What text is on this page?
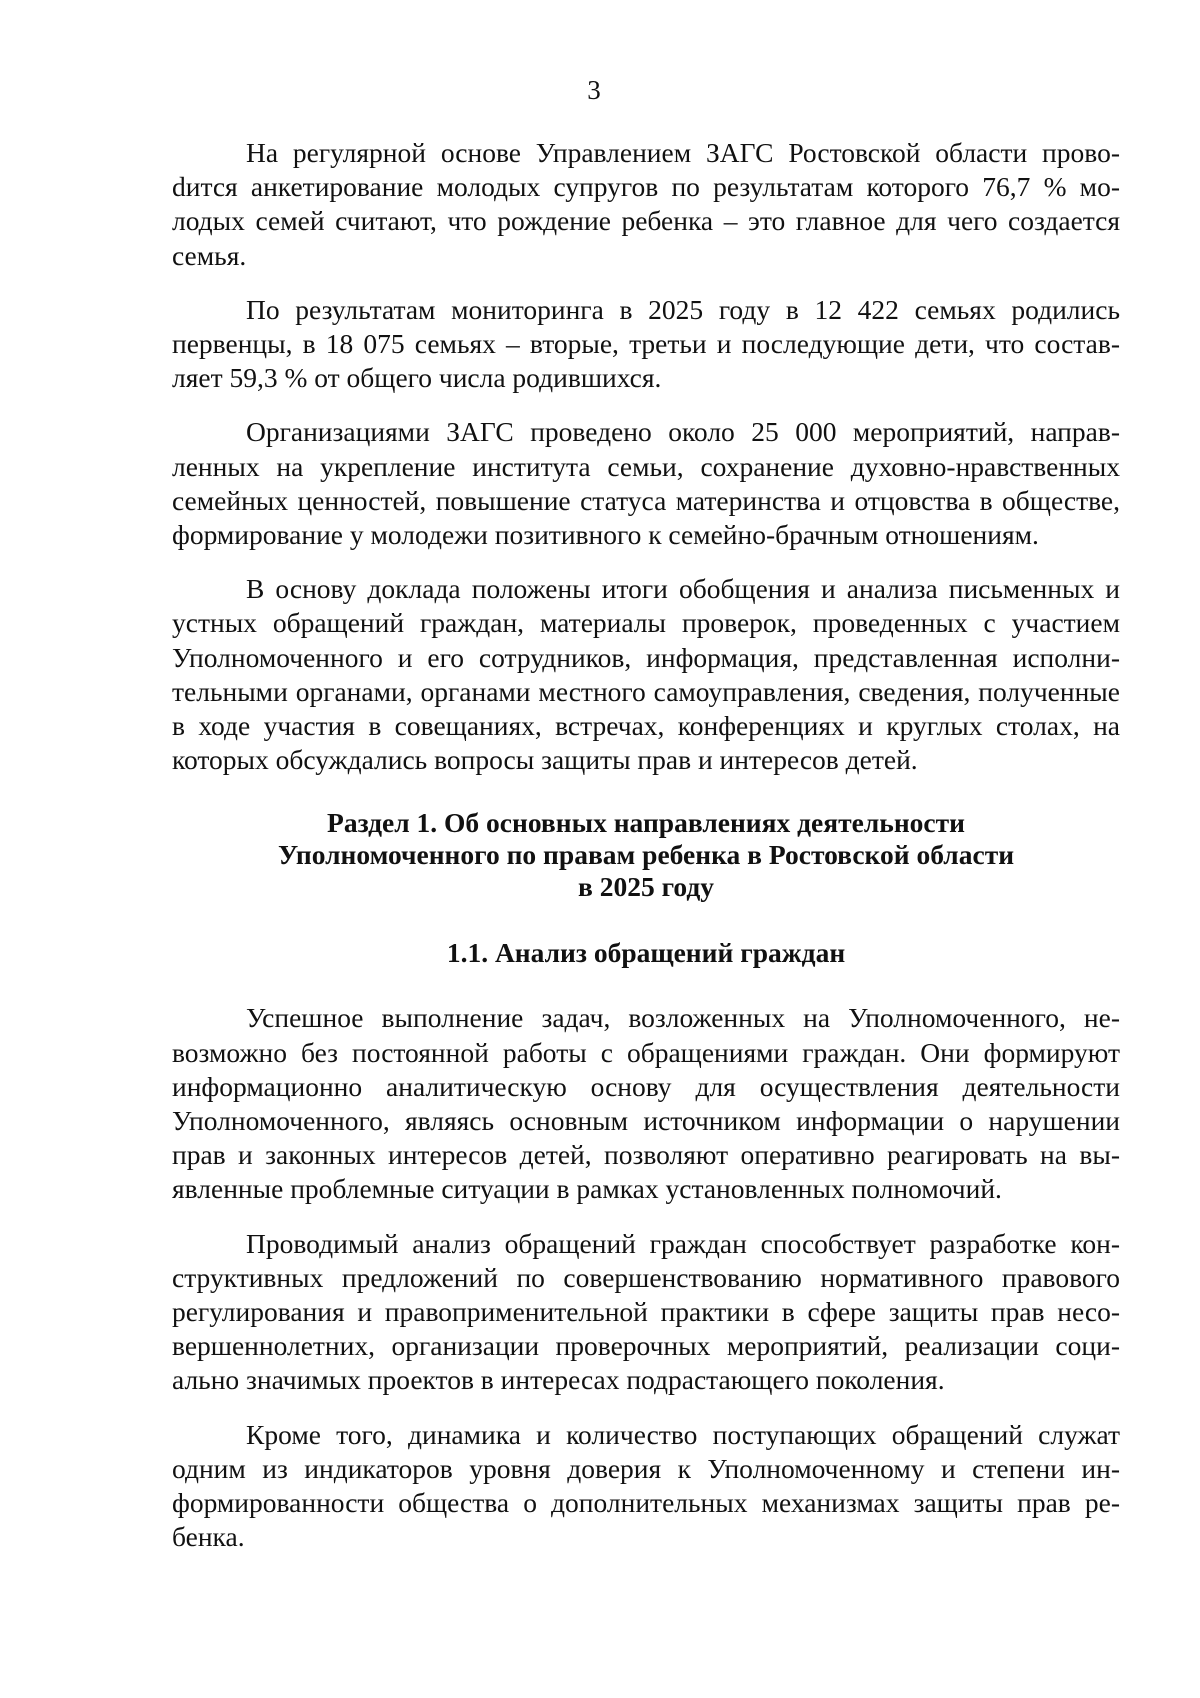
3

На регулярной основе Управлением ЗАГС Ростовской области провоdится анкетирование молодых супругов по результатам которого 76,7 % молодых семей считают, что рождение ребенка – это главное для чего создается семья.

По результатам мониторинга в 2025 году в 12 422 семьях родились первенцы, в 18 075 семьях – вторые, третьи и последующие дети, что составляет 59,3 % от общего числа родившихся.

Организациями ЗАГС проведено около 25 000 мероприятий, направленных на укрепление института семьи, сохранение духовно-нравственных семейных ценностей, повышение статуса материнства и отцовства в обществе, формирование у молодежи позитивного к семейно-брачным отношениям.

В основу доклада положены итоги обобщения и анализа письменных и устных обращений граждан, материалы проверок, проведенных с участием Уполномоченного и его сотрудников, информация, представленная исполнительными органами, органами местного самоуправления, сведения, полученные в ходе участия в совещаниях, встречах, конференциях и круглых столах, на которых обсуждались вопросы защиты прав и интересов детей.

Раздел 1. Об основных направлениях деятельности
Уполномоченного по правам ребенка в Ростовской области
в 2025 году
1.1. Анализ обращений граждан

Успешное выполнение задач, возложенных на Уполномоченного, невозможно без постоянной работы с обращениями граждан. Они формируют информационно аналитическую основу для осуществления деятельности Уполномоченного, являясь основным источником информации о нарушении прав и законных интересов детей, позволяют оперативно реагировать на выявленные проблемные ситуации в рамках установленных полномочий.

Проводимый анализ обращений граждан способствует разработке конструктивных предложений по совершенствованию нормативного правового регулирования и правоприменительной практики в сфере защиты прав несовершеннолетних, организации проверочных мероприятий, реализации социально значимых проектов в интересах подрастающего поколения.

Кроме того, динамика и количество поступающих обращений служат одним из индикаторов уровня доверия к Уполномоченному и степени информированности общества о дополнительных механизмах защиты прав ребенка.
